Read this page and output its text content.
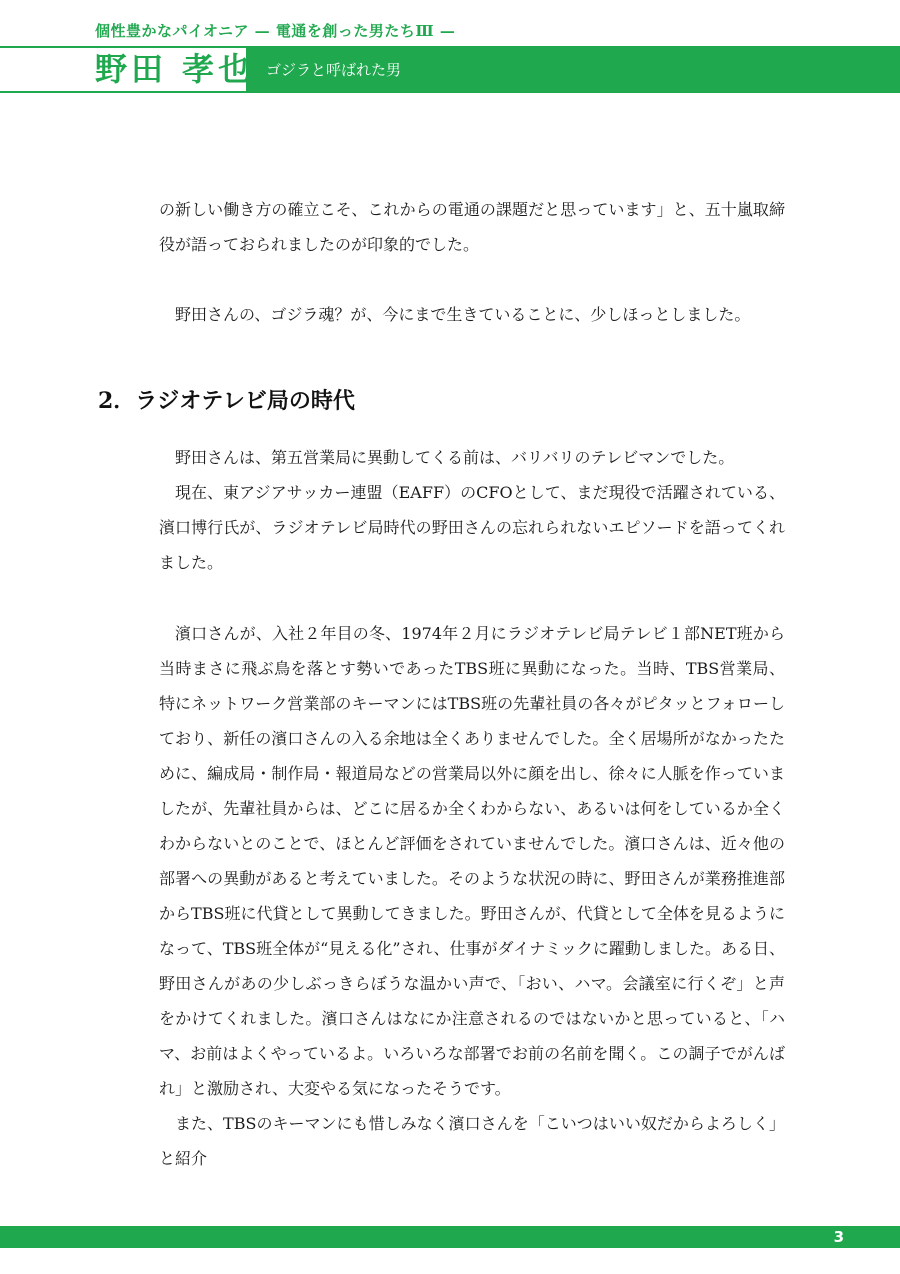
個性豊かなパイオニア — 電通を創った男たちⅢ —
野田 孝也 ゴジラと呼ばれた男

の新しい働き方の確立こそ、これからの電通の課題だと思っています」と、五十嵐取締役が語っておられましたのが印象的でした。

野田さんの、ゴジラ魂？が、今にまで生きていることに、少しほっとしました。

2．ラジオテレビ局の時代

野田さんは、第五営業局に異動してくる前は、バリバリのテレビマンでした。

現在、東アジアサッカー連盟（EAFF）のCFOとして、まだ現役で活躍されている、濱口博行氏が、ラジオテレビ局時代の野田さんの忘れられないエピソードを語ってくれました。

濱口さんが、入社２年目の冬、1974年２月にラジオテレビ局テレビ１部NET班から当時まさに飛ぶ鳥を落とす勢いであったTBS班に異動になった。当時、TBS営業局、特にネットワーク営業部のキーマンにはTBS班の先輩社員の各々がピタッとフォローしており、新任の濱口さんの入る余地は全くありませんでした。全く居場所がなかったために、編成局・制作局・報道局などの営業局以外に顔を出し、徐々に人脈を作っていましたが、先輩社員からは、どこに居るか全くわからない、あるいは何をしているか全くわからないとのことで、ほとんど評価をされていませんでした。濱口さんは、近々他の部署への異動があると考えていました。そのような状況の時に、野田さんが業務推進部からTBS班に代貸として異動してきました。野田さんが、代貸として全体を見るようになって、TBS班全体が“見える化”され、仕事がダイナミックに躍動しました。ある日、野田さんがあの少しぶっきらぼうな温かい声で、「おい、ハマ。会議室に行くぞ」と声をかけてくれました。濱口さんはなにか注意されるのではないかと思っていると、「ハマ、お前はよくやっているよ。いろいろな部署でお前の名前を聞く。この調子でがんばれ」と激励され、大変やる気になったそうです。

また、TBSのキーマンにも惜しみなく濱口さんを「こいつはいい奴だからよろしく」と紹介

3
